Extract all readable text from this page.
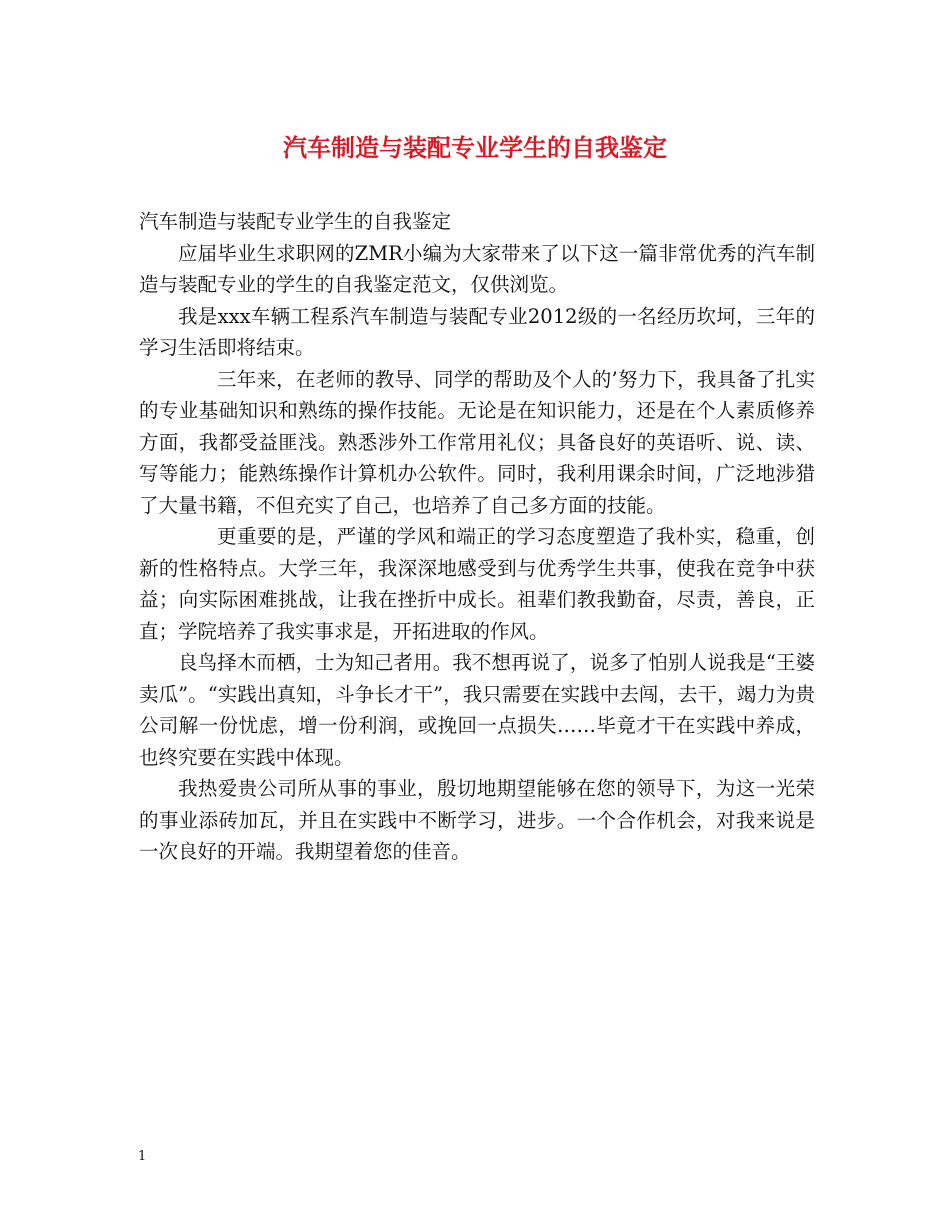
汽车制造与装配专业学生的自我鉴定

汽车制造与装配专业学生的自我鉴定

应届毕业生求职网的ZMR小编为大家带来了以下这一篇非常优秀的汽车制造与装配专业的学生的自我鉴定范文，仅供浏览。

我是xxx车辆工程系汽车制造与装配专业2012级的一名经历坎坷，三年的学习生活即将结束。

三年来，在老师的教导、同学的帮助及个人的’努力下，我具备了扎实的专业基础知识和熟练的操作技能。无论是在知识能力，还是在个人素质修养方面，我都受益匪浅。熟悉涉外工作常用礼仪；具备良好的英语听、说、读、写等能力；能熟练操作计算机办公软件。同时，我利用课余时间，广泛地涉猎了大量书籍，不但充实了自己，也培养了自己多方面的技能。

更重要的是，严谨的学风和端正的学习态度塑造了我朴实，稳重，创新的性格特点。大学三年，我深深地感受到与优秀学生共事，使我在竞争中获益；向实际困难挑战，让我在挫折中成长。祖辈们教我勤奋，尽责，善良，正直；学院培养了我实事求是，开拓进取的作风。

良鸟择木而栖，士为知己者用。我不想再说了，说多了怕别人说我是“王婆卖瓜”。“实践出真知，斗争长才干”，我只需要在实践中去闯，去干，竭力为贵公司解一份忧虑，增一份利润，或挽回一点损失……毕竟才干在实践中养成，也终究要在实践中体现。

我热爱贵公司所从事的事业，殷切地期望能够在您的领导下，为这一光荣的事业添砖加瓦，并且在实践中不断学习，进步。一个合作机会，对我来说是一次良好的开端。我期望着您的佳音。

1
